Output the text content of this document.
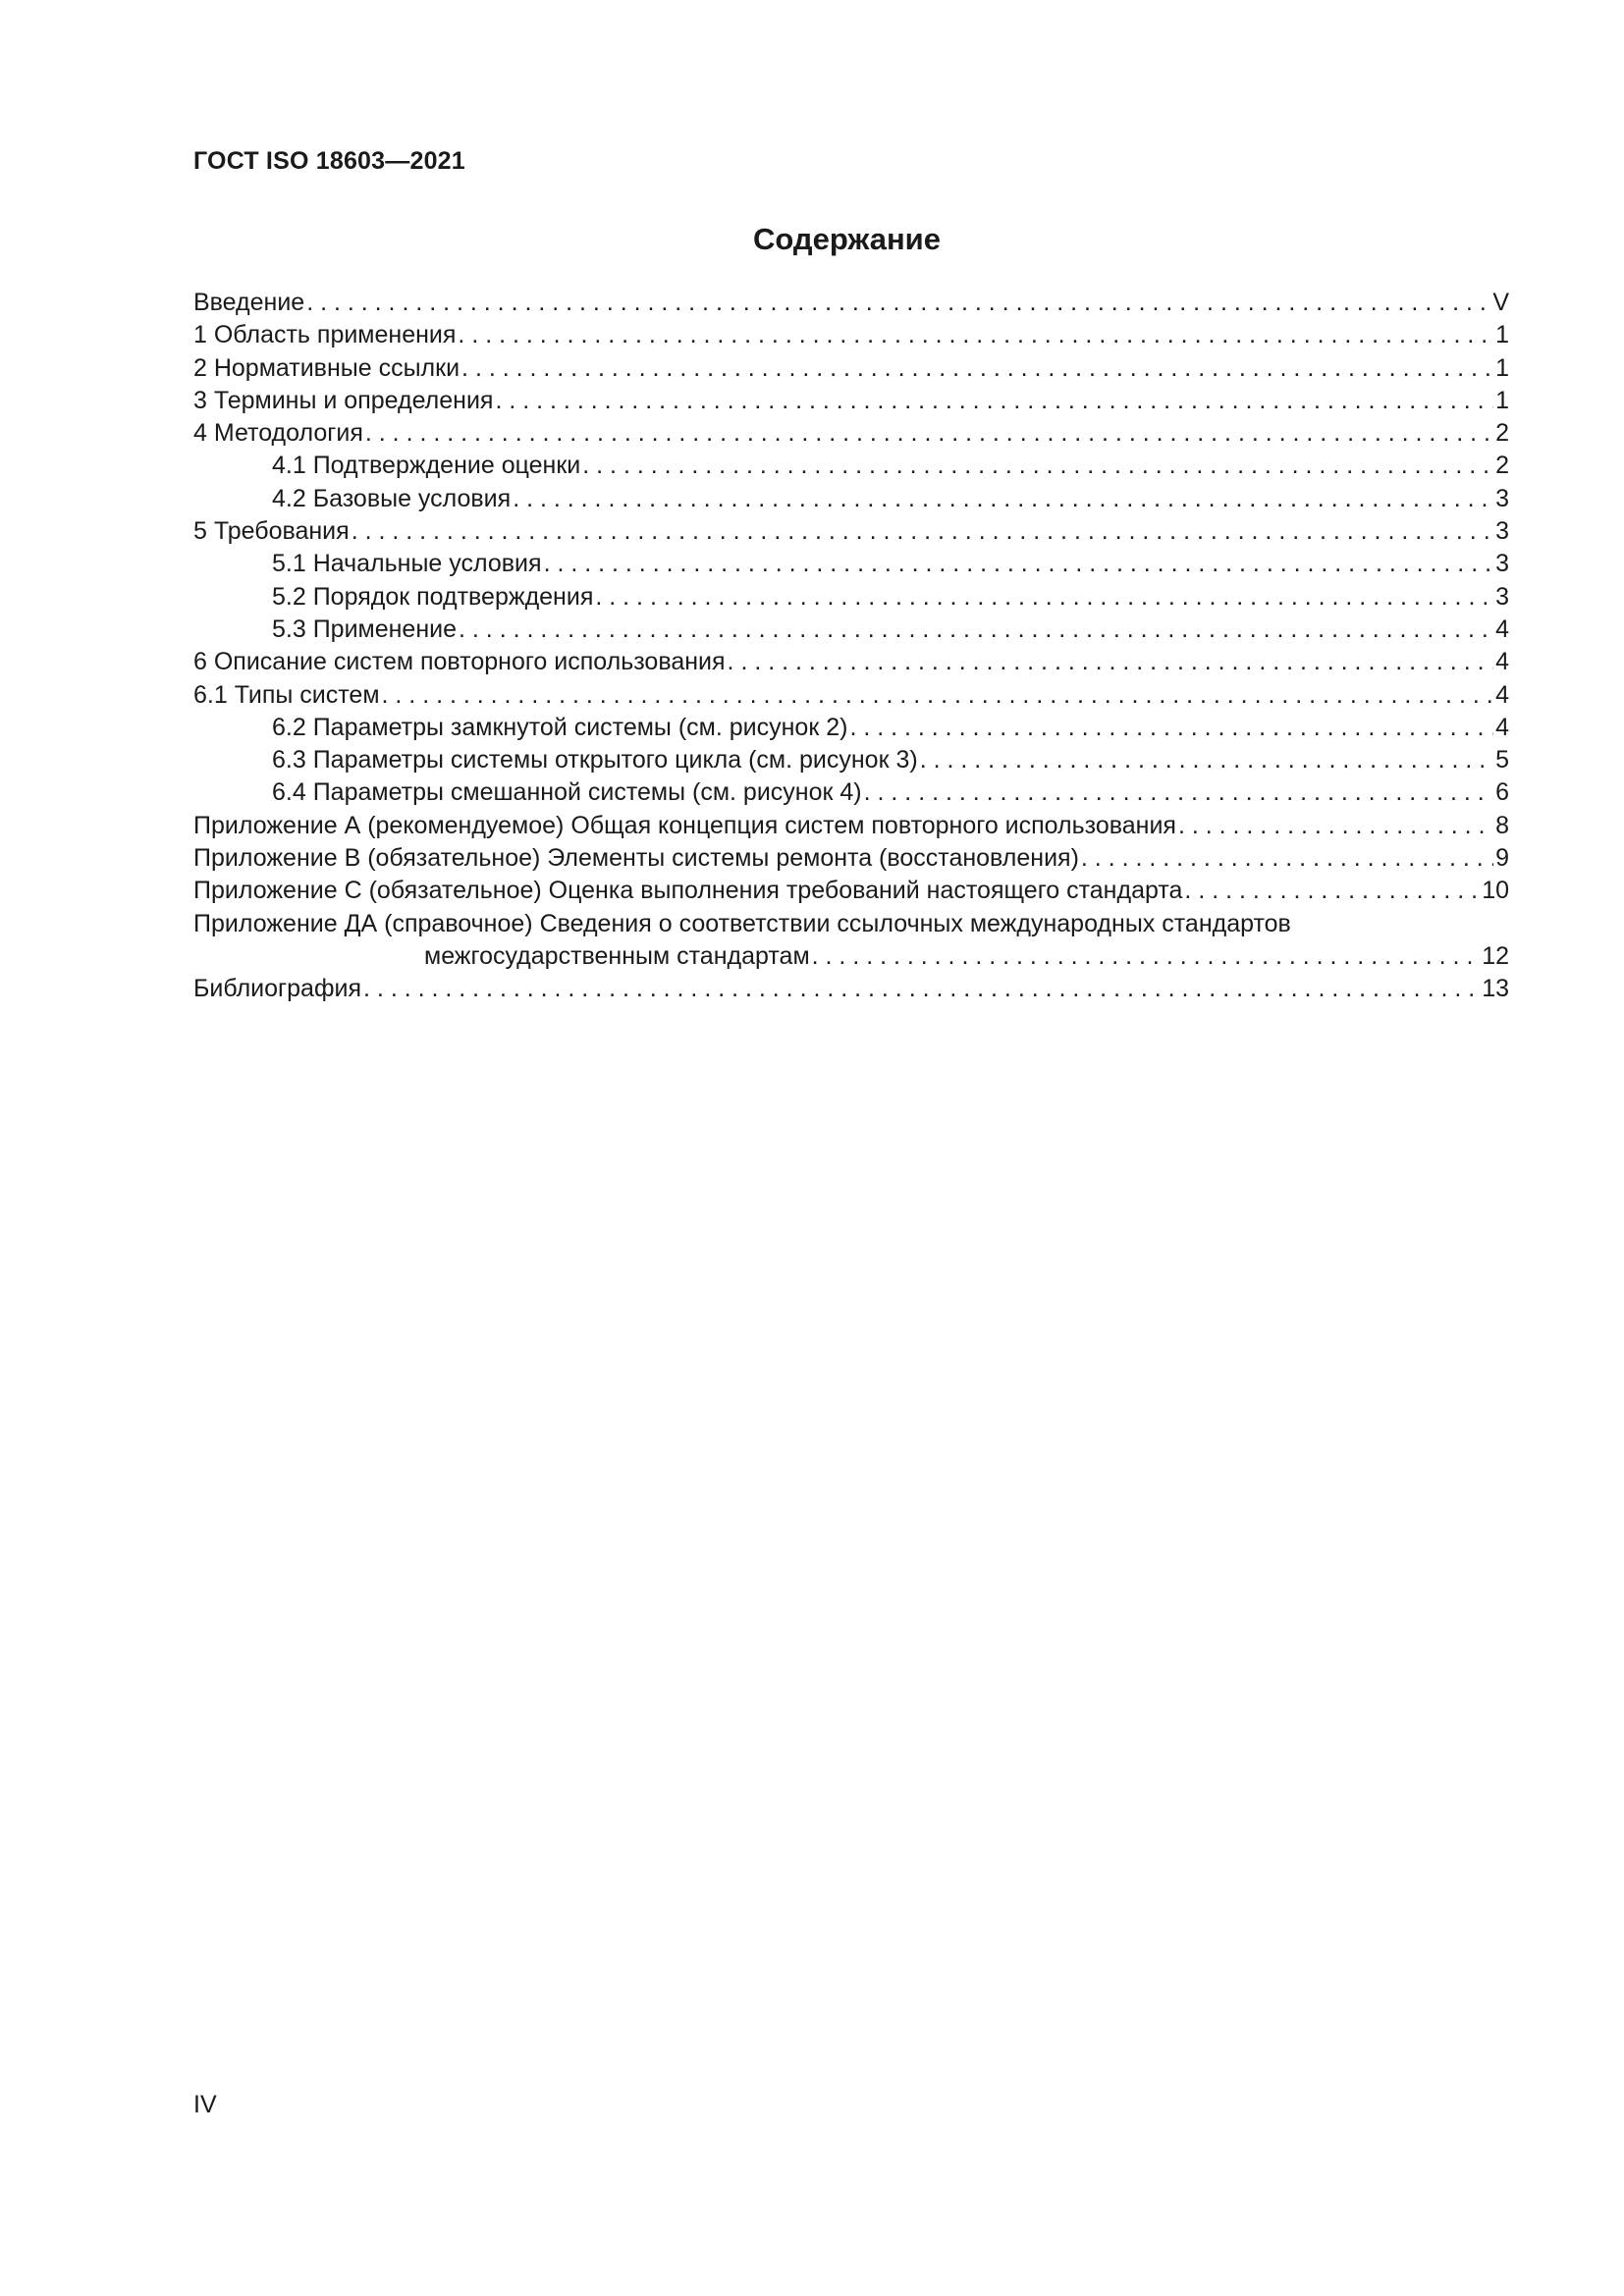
ГОСТ ISO 18603—2021
Содержание
Введение . . .	V
1 Область применения . . .	1
2 Нормативные ссылки . . .	1
3 Термины и определения . . .	1
4 Методология . . .	2
4.1 Подтверждение оценки . . .	2
4.2 Базовые условия . . .	3
5 Требования . . .	3
5.1 Начальные условия . . .	3
5.2 Порядок подтверждения . . .	3
5.3 Применение . . .	4
6 Описание систем повторного использования . . .	4
6.1 Типы систем . . .	4
6.2 Параметры замкнутой системы (см. рисунок 2) . . .	4
6.3 Параметры системы открытого цикла (см. рисунок 3) . . .	5
6.4 Параметры смешанной системы (см. рисунок 4) . . .	6
Приложение А (рекомендуемое) Общая концепция систем повторного использования . . .	8
Приложение В (обязательное) Элементы системы ремонта (восстановления) . . .	9
Приложение С (обязательное) Оценка выполнения требований настоящего стандарта . . .	10
Приложение ДА (справочное) Сведения о соответствии ссылочных международных стандартов
межгосударственным стандартам . . .	12
Библиография . . .	13
IV
